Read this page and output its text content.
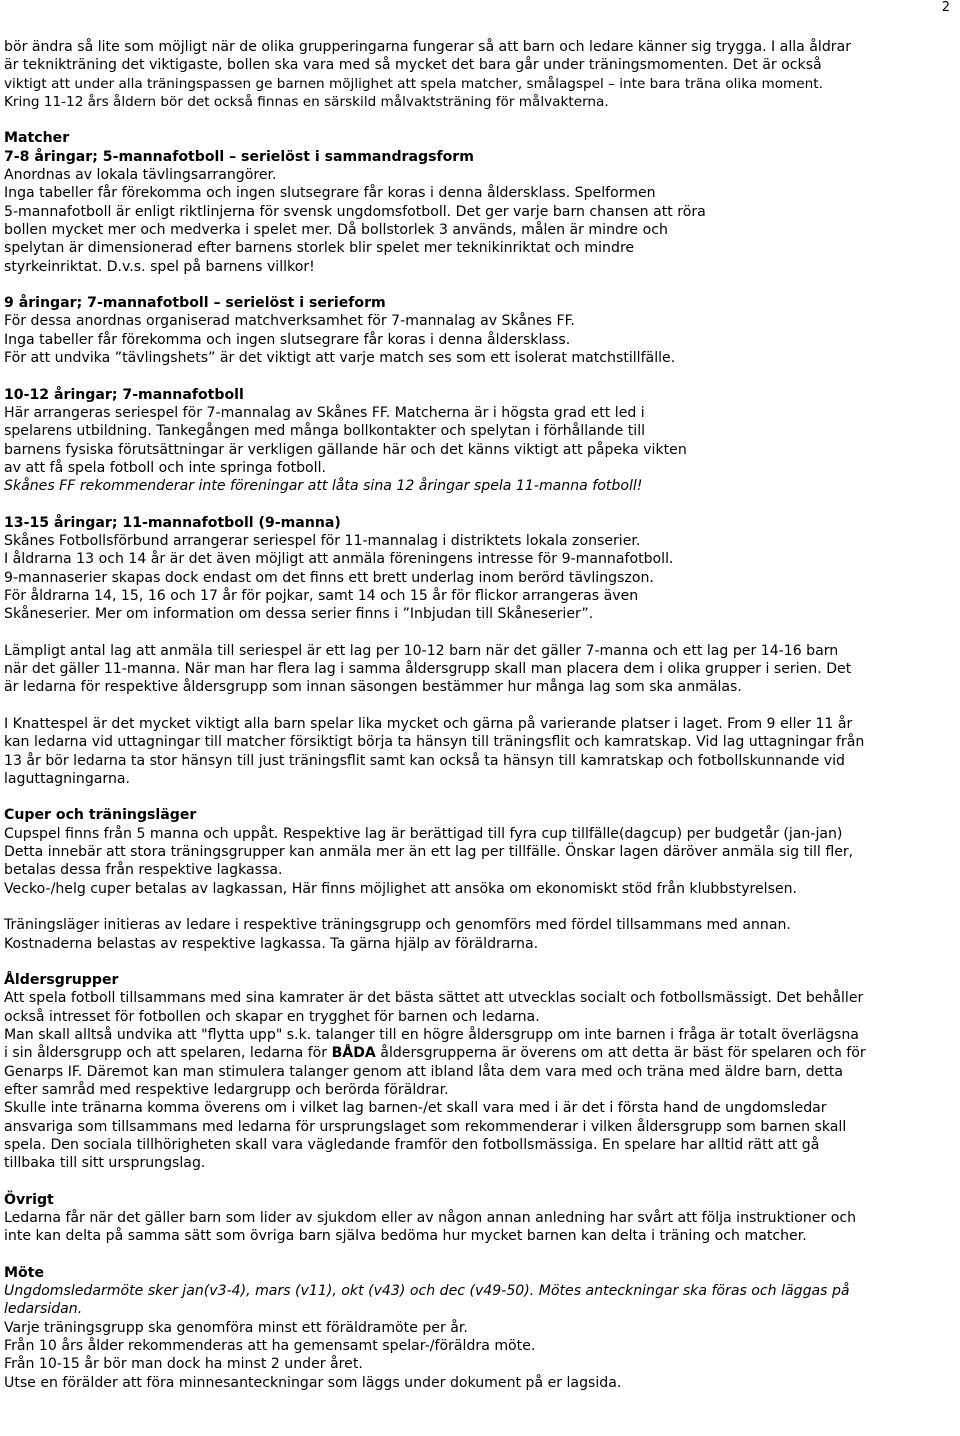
2

bör ändra så lite som möjligt när de olika grupperingarna fungerar så att barn och ledare känner sig trygga. I alla åldrar

är teknikträning det viktigaste, bollen ska vara med så mycket det bara går under träningsmomenten. Det är också

viktigt att under alla träningspassen ge barnen möjlighet att spela matcher, smålagspel – inte bara träna olika moment.

Kring 11-12 års åldern bör det också finnas en särskild målvaktsträning för målvakterna.

Matcher

7-8 åringar; 5-mannafotboll – serielöst i sammandragsform

Anordnas av lokala tävlingsarrangörer.

Inga tabeller får förekomma och ingen slutsegrare får koras i denna åldersklass. Spelformen

5-mannafotboll är enligt riktlinjerna för svensk ungdomsfotboll. Det ger varje barn chansen att röra

bollen mycket mer och medverka i spelet mer. Då bollstorlek 3 används, målen är mindre och

spelytan är dimensionerad efter barnens storlek blir spelet mer teknikinriktat och mindre

styrkeinriktat. D.v.s. spel på barnens villkor!

9 åringar; 7-mannafotboll – serielöst i serieform

För dessa anordnas organiserad matchverksamhet för 7-mannalag av Skånes FF.

Inga tabeller får förekomma och ingen slutsegrare får koras i denna åldersklass.

För att undvika ”tävlingshets” är det viktigt att varje match ses som ett isolerat matchstillfälle.

10-12 åringar; 7-mannafotboll

Här arrangeras seriespel för 7-mannalag av Skånes FF. Matcherna är i högsta grad ett led i

spelarens utbildning. Tankegången med många bollkontakter och spelytan i förhållande till

barnens fysiska förutsättningar är verkligen gällande här och det känns viktigt att påpeka vikten

av att få spela fotboll och inte springa fotboll.

Skånes FF rekommenderar inte föreningar att låta sina 12 åringar spela 11-manna fotboll!

13-15 åringar; 11-mannafotboll (9-manna)

Skånes Fotbollsförbund arrangerar seriespel för 11-mannalag i distriktets lokala zonserier.

I åldrarna 13 och 14 år är det även möjligt att anmäla föreningens intresse för 9-mannafotboll.

9-mannaserier skapas dock endast om det finns ett brett underlag inom berörd tävlingszon.

För åldrarna 14, 15, 16 och 17 år för pojkar, samt 14 och 15 år för flickor arrangeras även

Skåneserier. Mer om information om dessa serier finns i ”Inbjudan till Skåneserier”.

Lämpligt antal lag att anmäla till seriespel är ett lag per 10-12 barn när det gäller 7-manna och ett lag per 14-16 barn

när det gäller 11-manna. När man har flera lag i samma åldersgrupp skall man placera dem i olika grupper i serien. Det

är ledarna för respektive åldersgrupp som innan säsongen bestämmer hur många lag som ska anmälas.

I Knattespel är det mycket viktigt alla barn spelar lika mycket och gärna på varierande platser i laget. From 9 eller 11 år

kan ledarna vid uttagningar till matcher försiktigt börja ta hänsyn till träningsflit och kamratskap. Vid lag uttagningar från

13 år bör ledarna ta stor hänsyn till just träningsflit samt kan också ta hänsyn till kamratskap och fotbollskunnande vid

laguttagningarna.

Cuper och träningsläger

Cupspel finns från 5 manna och uppåt. Respektive lag är berättigad till fyra cup tillfälle(dagcup) per budgetår (jan-jan)

Detta innebär att stora träningsgrupper kan anmäla mer än ett lag per tillfälle. Önskar lagen däröver anmäla sig till fler,

betalas dessa från respektive lagkassa.

Vecko-/helg cuper betalas av lagkassan, Här finns möjlighet att ansöka om ekonomiskt stöd från klubbstyrelsen.

Träningsläger initieras av ledare i respektive träningsgrupp och genomförs med fördel tillsammans med annan.

Kostnaderna belastas av respektive lagkassa. Ta gärna hjälp av föräldrarna.

Åldersgrupper

Att spela fotboll tillsammans med sina kamrater är det bästa sättet att utvecklas socialt och fotbollsmässigt. Det behåller

också intresset för fotbollen och skapar en trygghet för barnen och ledarna.

Man skall alltså undvika att "flytta upp" s.k. talanger till en högre åldersgrupp om inte barnen i fråga är totalt överlägsna

i sin åldersgrupp och att spelaren, ledarna för BÅDA åldersgrupperna är överens om att detta är bäst för spelaren och för

Genarps IF. Däremot kan man stimulera talanger genom att ibland låta dem vara med och träna med äldre barn, detta

efter samråd med respektive ledargrupp och berörda föräldrar.

Skulle inte tränarna komma överens om i vilket lag barnen-/et skall vara med i är det i första hand de ungdomsledar

ansvariga som tillsammans med ledarna för ursprungslaget som rekommenderar i vilken åldersgrupp som barnen skall

spela. Den sociala tillhörigheten skall vara vägledande framför den fotbollsmässiga. En spelare har alltid rätt att gå

tillbaka till sitt ursprungslag.

Övrigt

Ledarna får när det gäller barn som lider av sjukdom eller av någon annan anledning har svårt att följa instruktioner och

inte kan delta på samma sätt som övriga barn själva bedöma hur mycket barnen kan delta i träning och matcher.

Möte

Ungdomsledarmöte sker jan(v3-4), mars (v11), okt (v43) och dec (v49-50). Mötes anteckningar ska föras och läggas på

ledarsidan.

Varje träningsgrupp ska genomföra minst ett föräldramöte per år.

Från 10 års ålder rekommenderas att ha gemensamt spelar-/föräldra möte.

Från 10-15 år bör man dock ha minst 2 under året.

Utse en förälder att föra minnesanteckningar som läggs under dokument på er lagsida.
